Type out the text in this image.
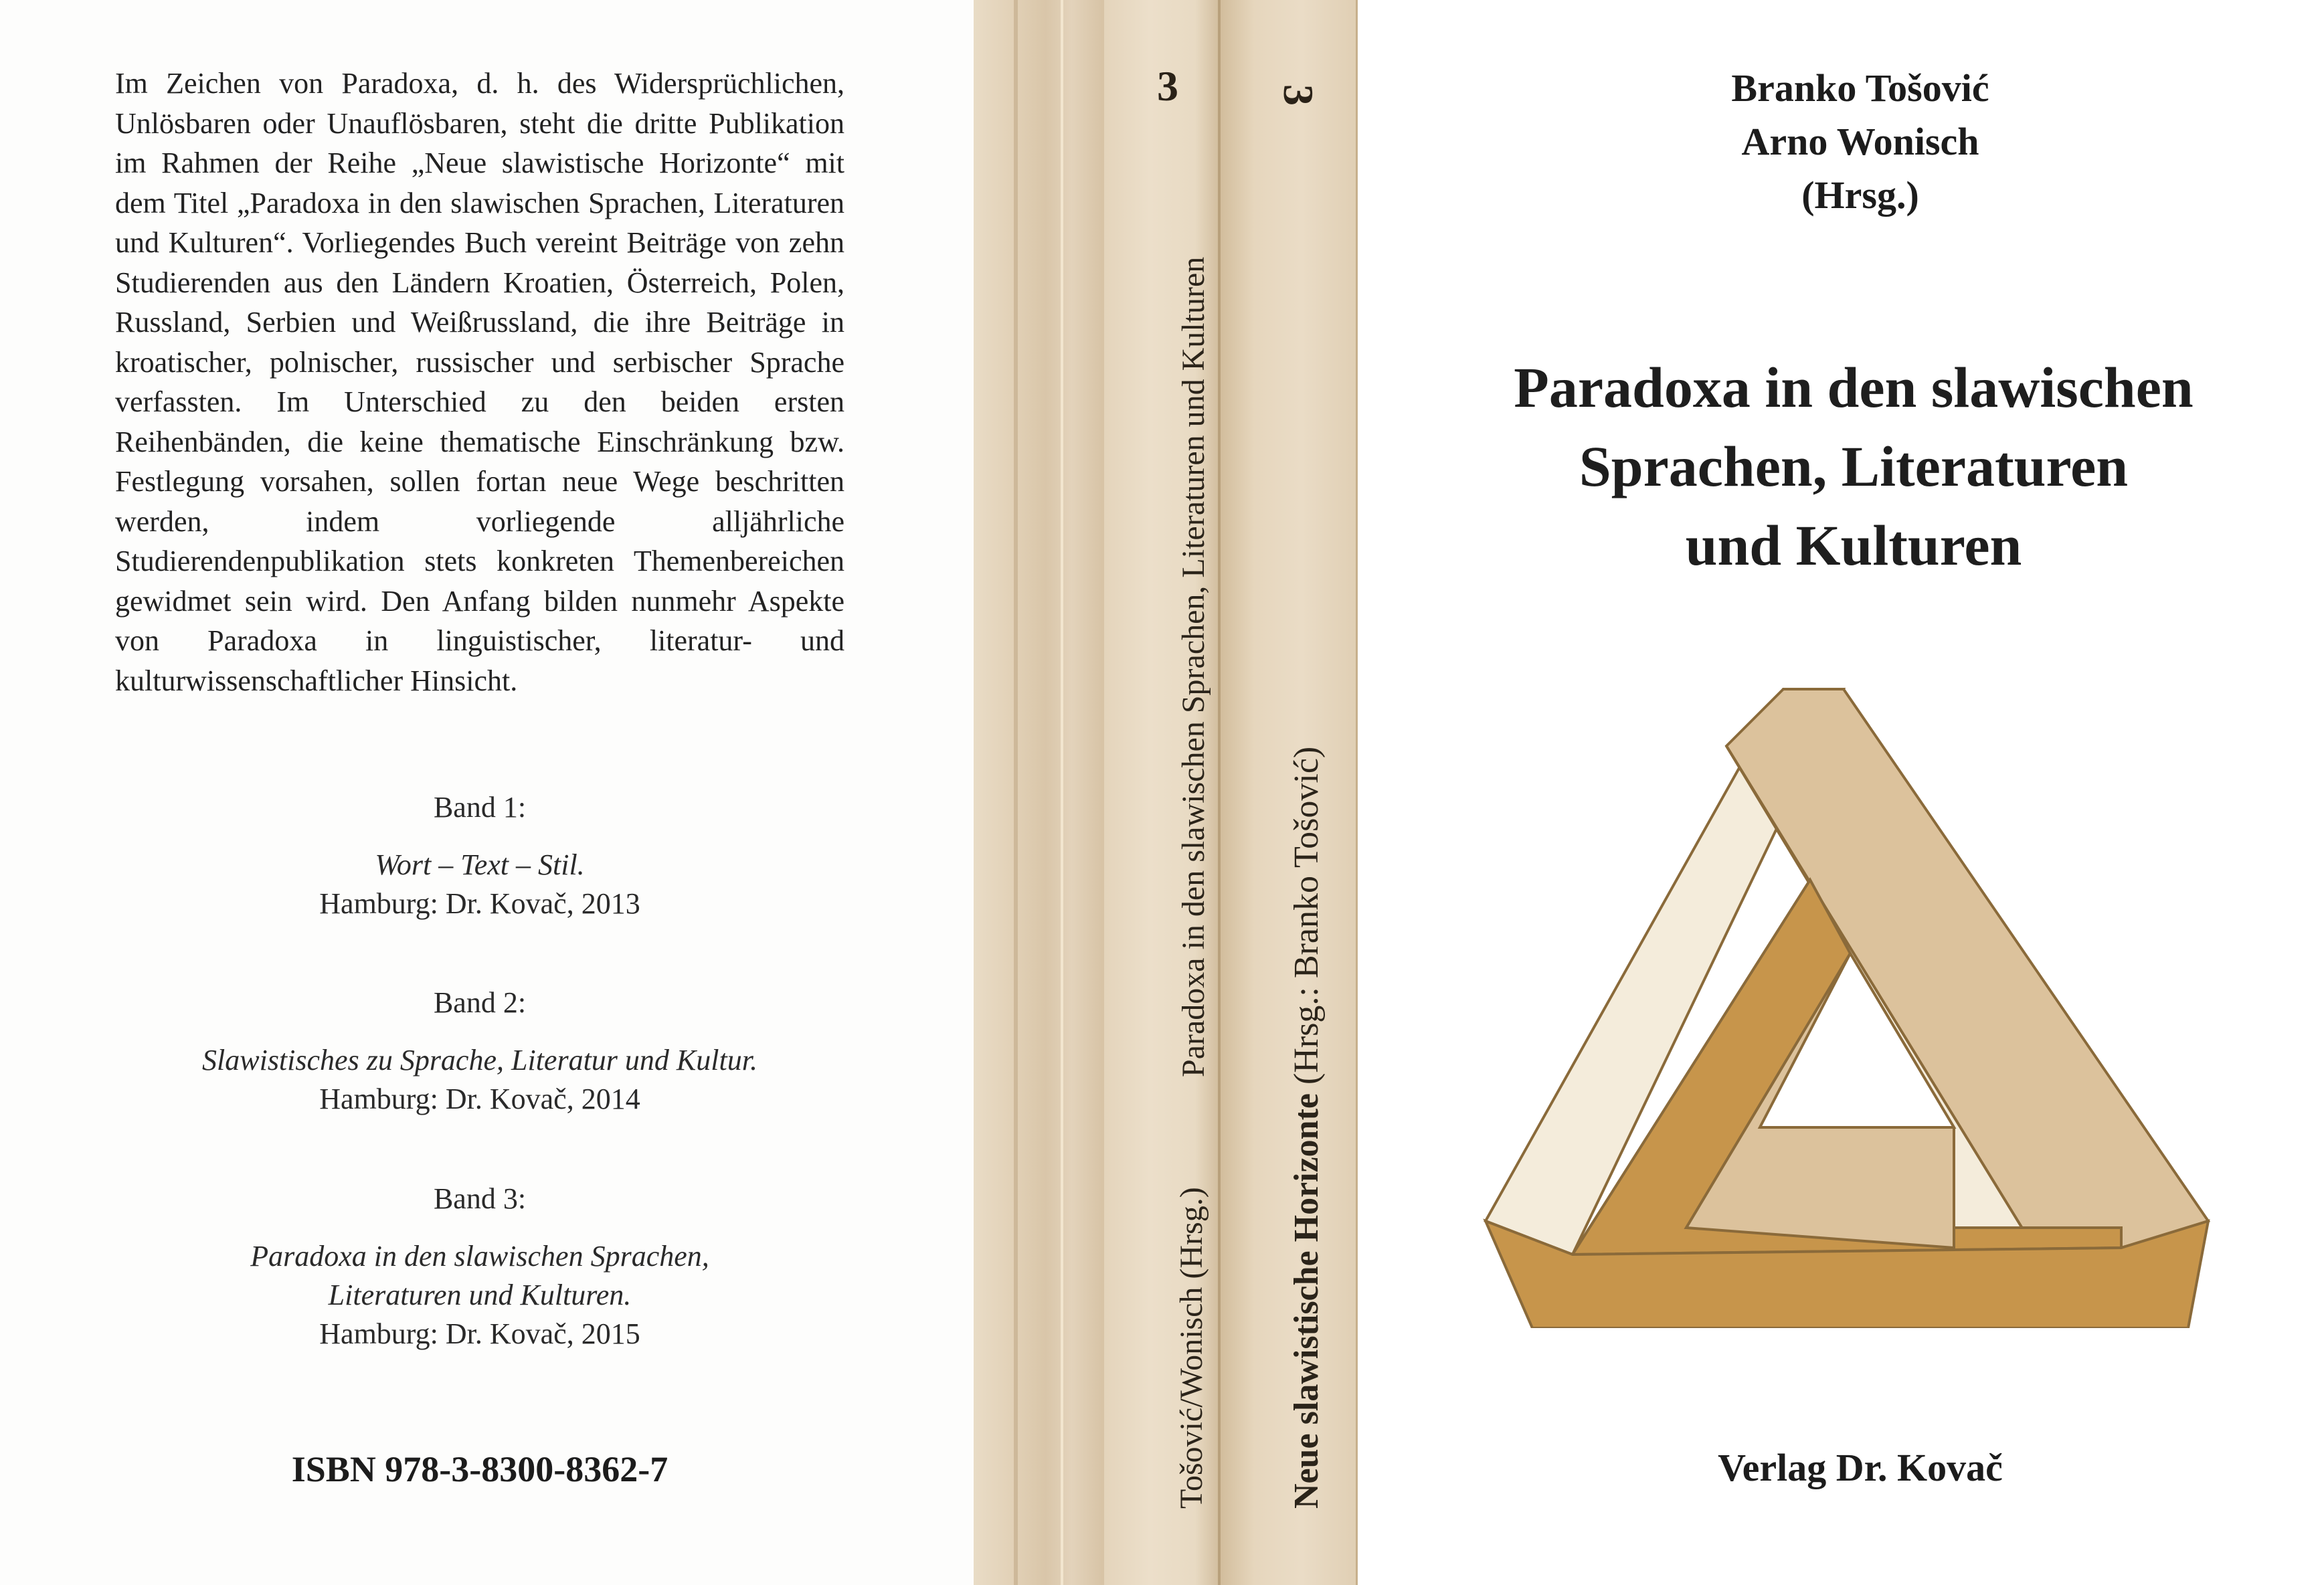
Im Zeichen von Paradoxa, d. h. des Widersprüchlichen, Unlösbaren oder Unauflösbaren, steht die dritte Publikation im Rahmen der Reihe „Neue slawistische Horizonte“ mit dem Titel „Paradoxa in den slawischen Sprachen, Literaturen und Kulturen“. Vorliegendes Buch vereint Beiträge von zehn Studierenden aus den Ländern Kroatien, Österreich, Polen, Russland, Serbien und Weißrussland, die ihre Beiträge in kroatischer, polnischer, russischer und serbischer Sprache verfassten. Im Unterschied zu den beiden ersten Reihenbänden, die keine thematische Einschränkung bzw. Festlegung vorsahen, sollen fortan neue Wege beschritten werden, indem vorliegende alljährliche Studierendenpublikation stets konkreten Themenbereichen gewidmet sein wird. Den Anfang bilden nunmehr Aspekte von Paradoxa in linguistischer, literatur- und kulturwissenschaftlicher Hinsicht.

Band 1:
Wort – Text – Stil.
Hamburg: Dr. Kovač, 2013
Band 2:
Slawistisches zu Sprache, Literatur und Kultur.
Hamburg: Dr. Kovač, 2014
Band 3:
Paradoxa in den slawischen Sprachen,
Literaturen und Kulturen.
Hamburg: Dr. Kovač, 2015
ISBN 978-3-8300-8362-7
3	3
Paradoxa in den slawischen Sprachen, Literaturen und Kulturen
Tošović/Wonisch (Hrsg.) Neue slawistische Horizonte (Hrsg.: Branko Tošović)
Branko Tošović
Arno Wonisch
(Hrsg.)
Paradoxa in den slawischen
Sprachen, Literaturen
und Kulturen
Verlag Dr. Kovač
